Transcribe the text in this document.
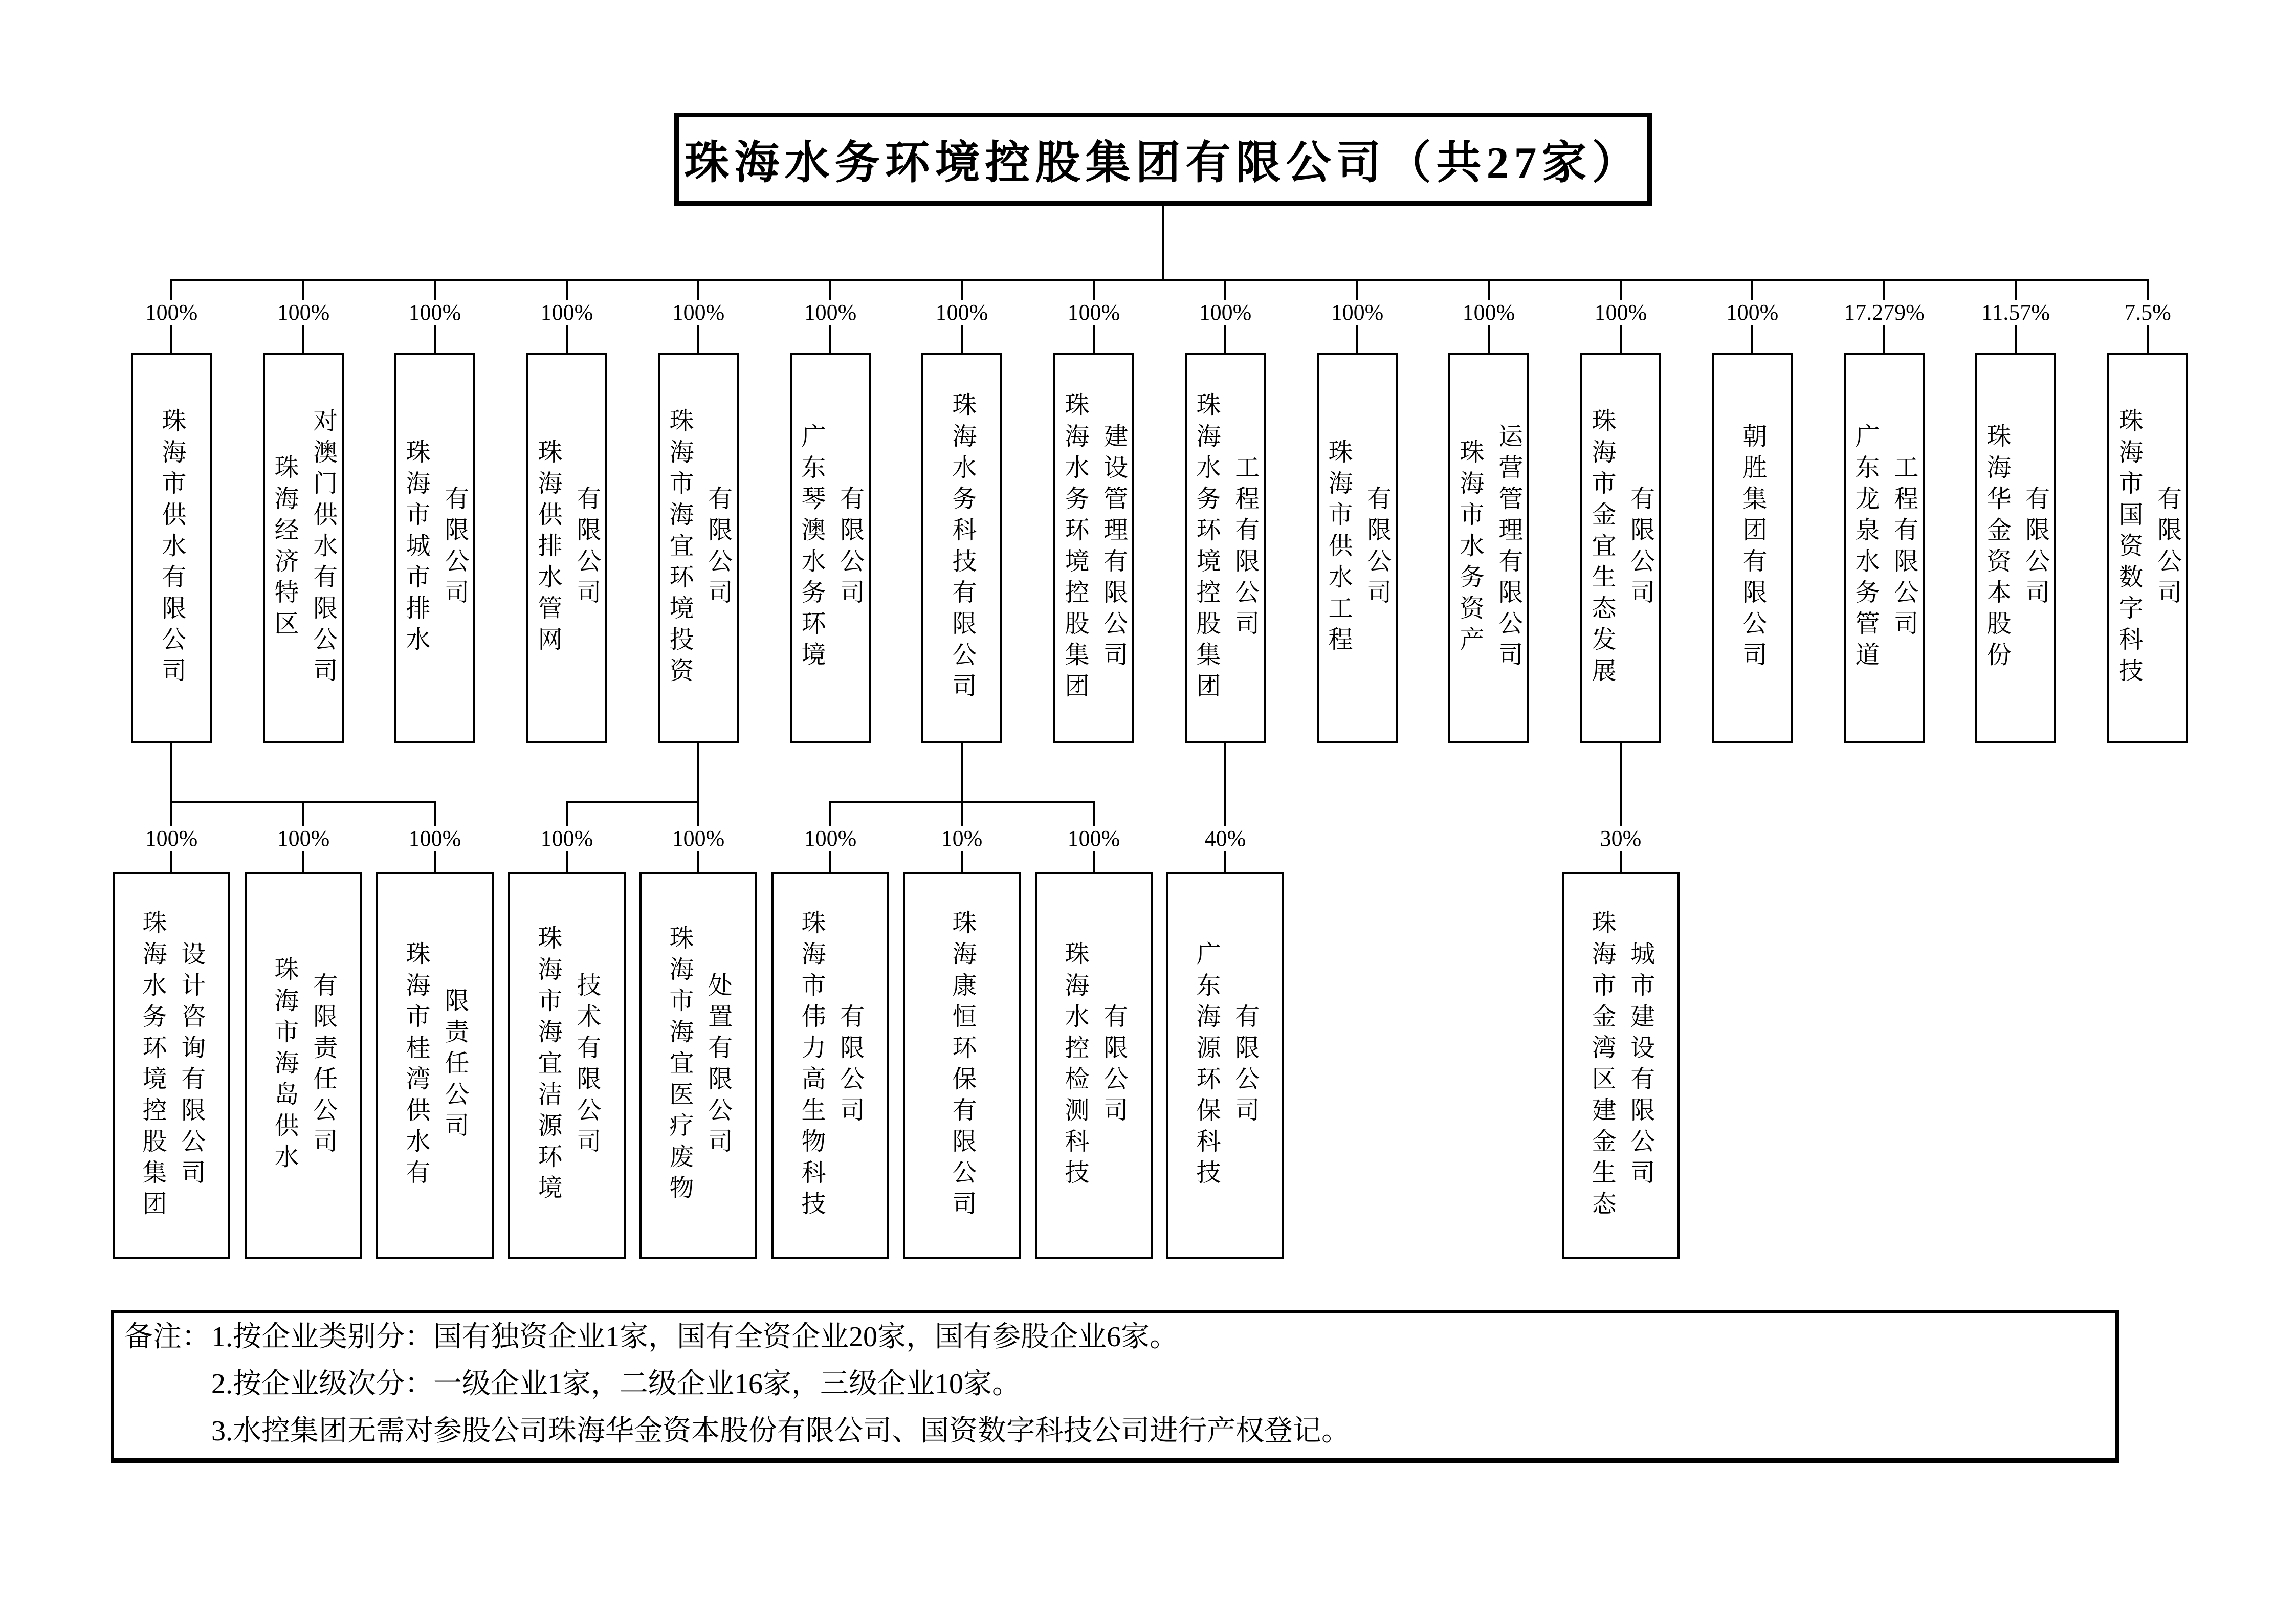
珠海水务环境控股集团有限公司（共27家）
100%	100%	100%	100%	100%	100%	100%	100%	100%	100%	100%	100%	100%	17.279%	11.57%	7.5%
珠海市供水有限公司	珠海经济特区 对澳门供水有限公司	珠海市城市排水 有限公司	珠海供排水管网 有限公司	珠海市海宜环境投资 有限公司	广东琴澳水务环境 有限公司	珠海水务科技有限公司	珠海水务环境控股集团 建设管理有限公司	珠海水务环境控股集团 工程有限公司	珠海市供水工程 有限公司	珠海市水务资产 运营管理有限公司	珠海市金宜生态发展 有限公司	朝胜集团有限公司	广东龙泉水务管道 工程有限公司	珠海华金资本股份 有限公司	珠海市国资数字科技 有限公司
100%	100%	100%	100%	100%	100%	10%	100%	40%	30%
珠海水务环境控股集团 设计咨询有限公司	珠海市海岛供水 有限责任公司	珠海市桂湾供水有 限责任公司	珠海市海宜洁源环境 技术有限公司	珠海市海宜医疗废物 处置有限公司	珠海市伟力高生物科技 有限公司	珠海康恒环保有限公司	珠海水控检测科技 有限公司	广东海源环保科技 有限公司	珠海市金湾区建金生态 城市建设有限公司
备注： 1.按企业类别分：国有独资企业1家，国有全资企业20家，国有参股企业6家。
2.按企业级次分：一级企业1家，二级企业16家，三级企业10家。
3.水控集团无需对参股公司珠海华金资本股份有限公司、国资数字科技公司进行产权登记。
